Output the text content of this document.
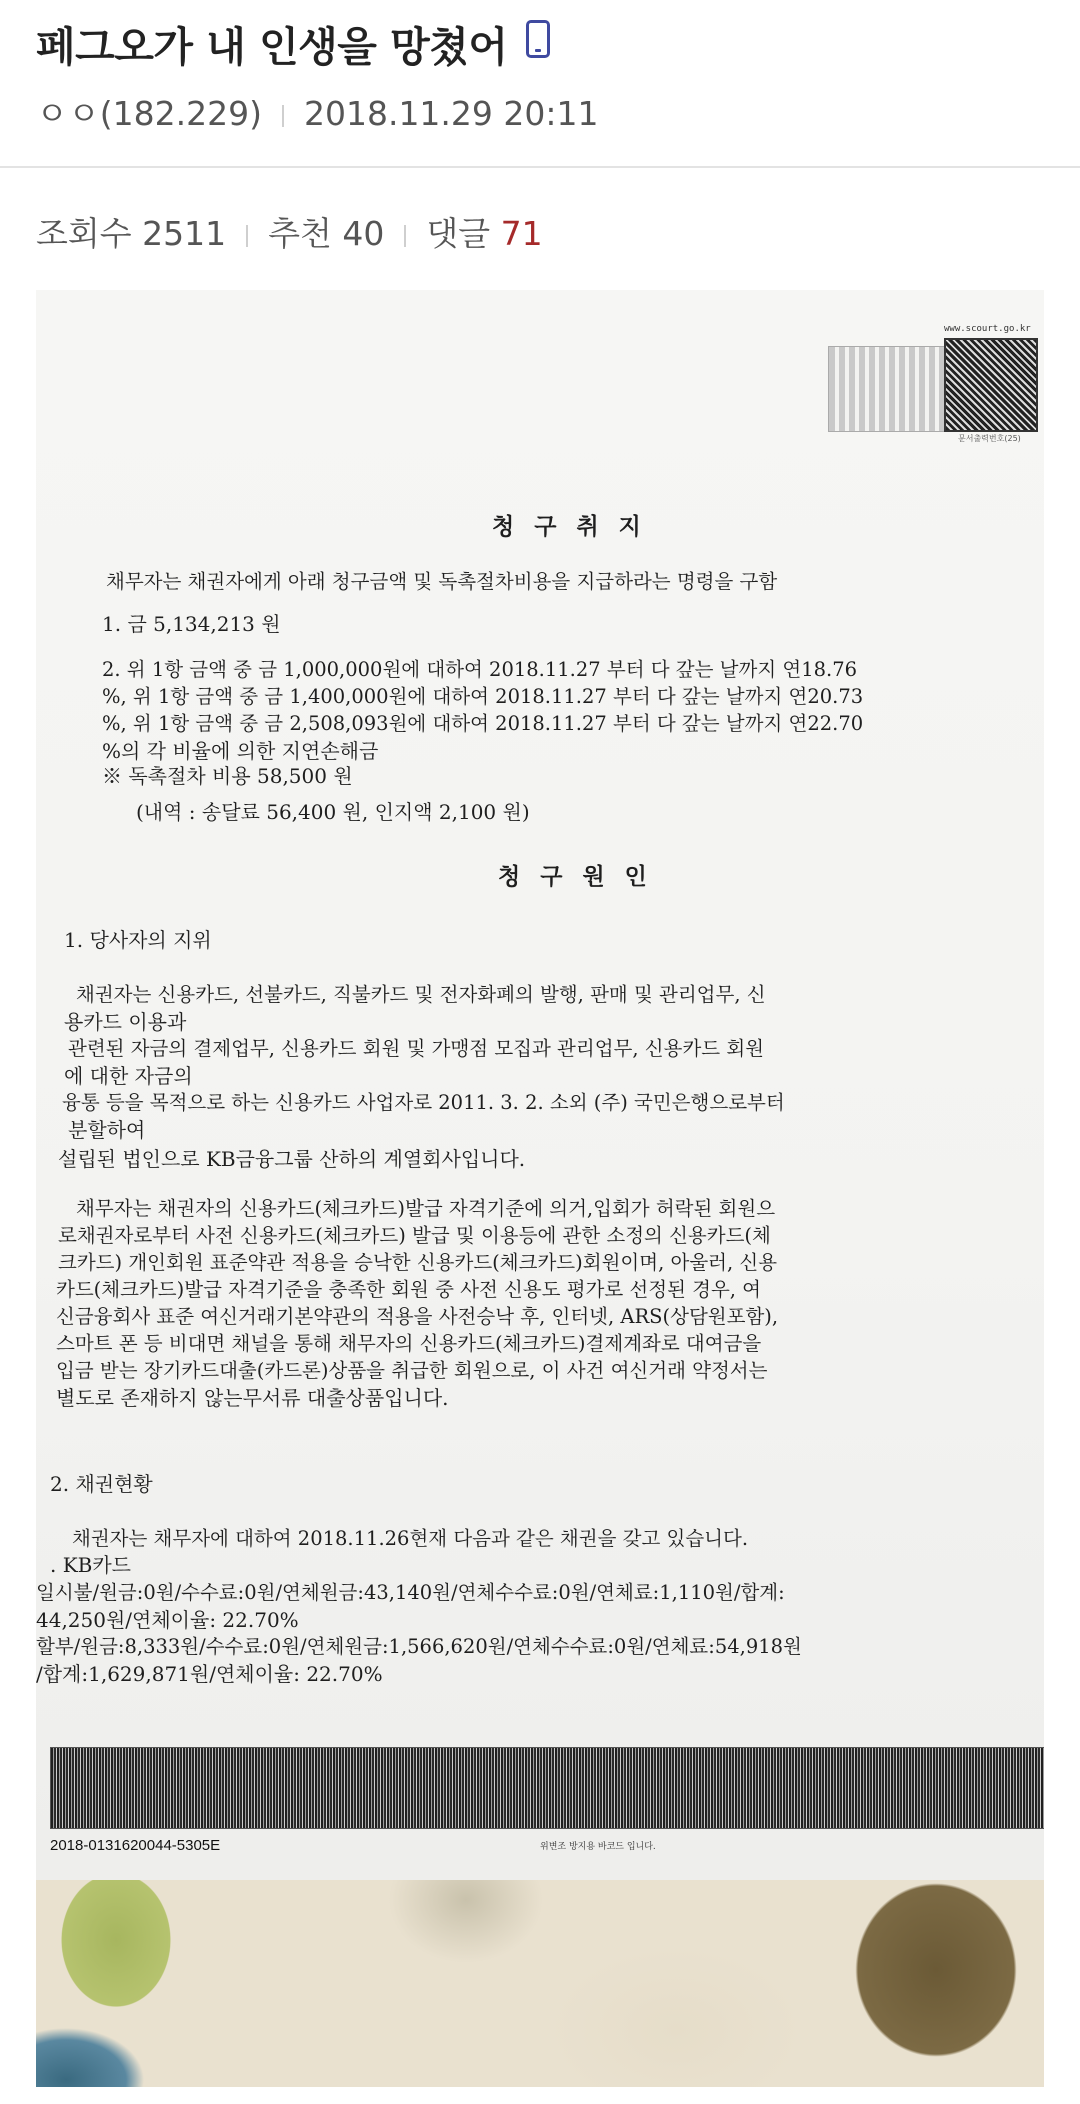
페그오가 내 인생을 망쳤어
ㅇㅇ(182.229) 2018.11.29 20:11
조회수 2511 추천 40 댓글 71
www.scourt.go.kr
문서출력번호(25)
청 구 취 지
채무자는 채권자에게 아래 청구금액 및 독촉절차비용을 지급하라는 명령을 구함
1. 금 5,134,213 원
2. 위 1항 금액 중 금 1,000,000원에 대하여 2018.11.27 부터 다 갚는 날까지 연18.76
%, 위 1항 금액 중 금 1,400,000원에 대하여 2018.11.27 부터 다 갚는 날까지 연20.73
%, 위 1항 금액 중 금 2,508,093원에 대하여 2018.11.27 부터 다 갚는 날까지 연22.70
%의 각 비율에 의한 지연손해금
※ 독촉절차 비용 58,500 원
(내역 : 송달료 56,400 원, 인지액 2,100 원)
청 구 원 인
1. 당사자의 지위
채권자는 신용카드, 선불카드, 직불카드 및 전자화폐의 발행, 판매 및 관리업무, 신
용카드 이용과
관련된 자금의 결제업무, 신용카드 회원 및 가맹점 모집과 관리업무, 신용카드 회원
에 대한 자금의
융통 등을 목적으로 하는 신용카드 사업자로 2011. 3. 2. 소외 (주) 국민은행으로부터
분할하여
설립된 법인으로 KB금융그룹 산하의 계열회사입니다.
채무자는 채권자의 신용카드(체크카드)발급 자격기준에 의거,입회가 허락된 회원으
로채권자로부터 사전 신용카드(체크카드) 발급 및 이용등에 관한 소정의 신용카드(체
크카드) 개인회원 표준약관 적용을 승낙한 신용카드(체크카드)회원이며, 아울러, 신용
카드(체크카드)발급 자격기준을 충족한 회원 중 사전 신용도 평가로 선정된 경우, 여
신금융회사 표준 여신거래기본약관의 적용을 사전승낙 후, 인터넷, ARS(상담원포함),
스마트 폰 등 비대면 채널을 통해 채무자의 신용카드(체크카드)결제계좌로 대여금을
입금 받는 장기카드대출(카드론)상품을 취급한 회원으로, 이 사건 여신거래 약정서는
별도로 존재하지 않는무서류 대출상품입니다.
2. 채권현황
채권자는 채무자에 대하여 2018.11.26현재 다음과 같은 채권을 갖고 있습니다.
. KB카드
일시불/원금:0원/수수료:0원/연체원금:43,140원/연체수수료:0원/연체료:1,110원/합계:
44,250원/연체이율: 22.70%
할부/원금:8,333원/수수료:0원/연체원금:1,566,620원/연체수수료:0원/연체료:54,918원
/합계:1,629,871원/연체이율: 22.70%
2018-0131620044-5305E	위변조 방지용 바코드 입니다.
